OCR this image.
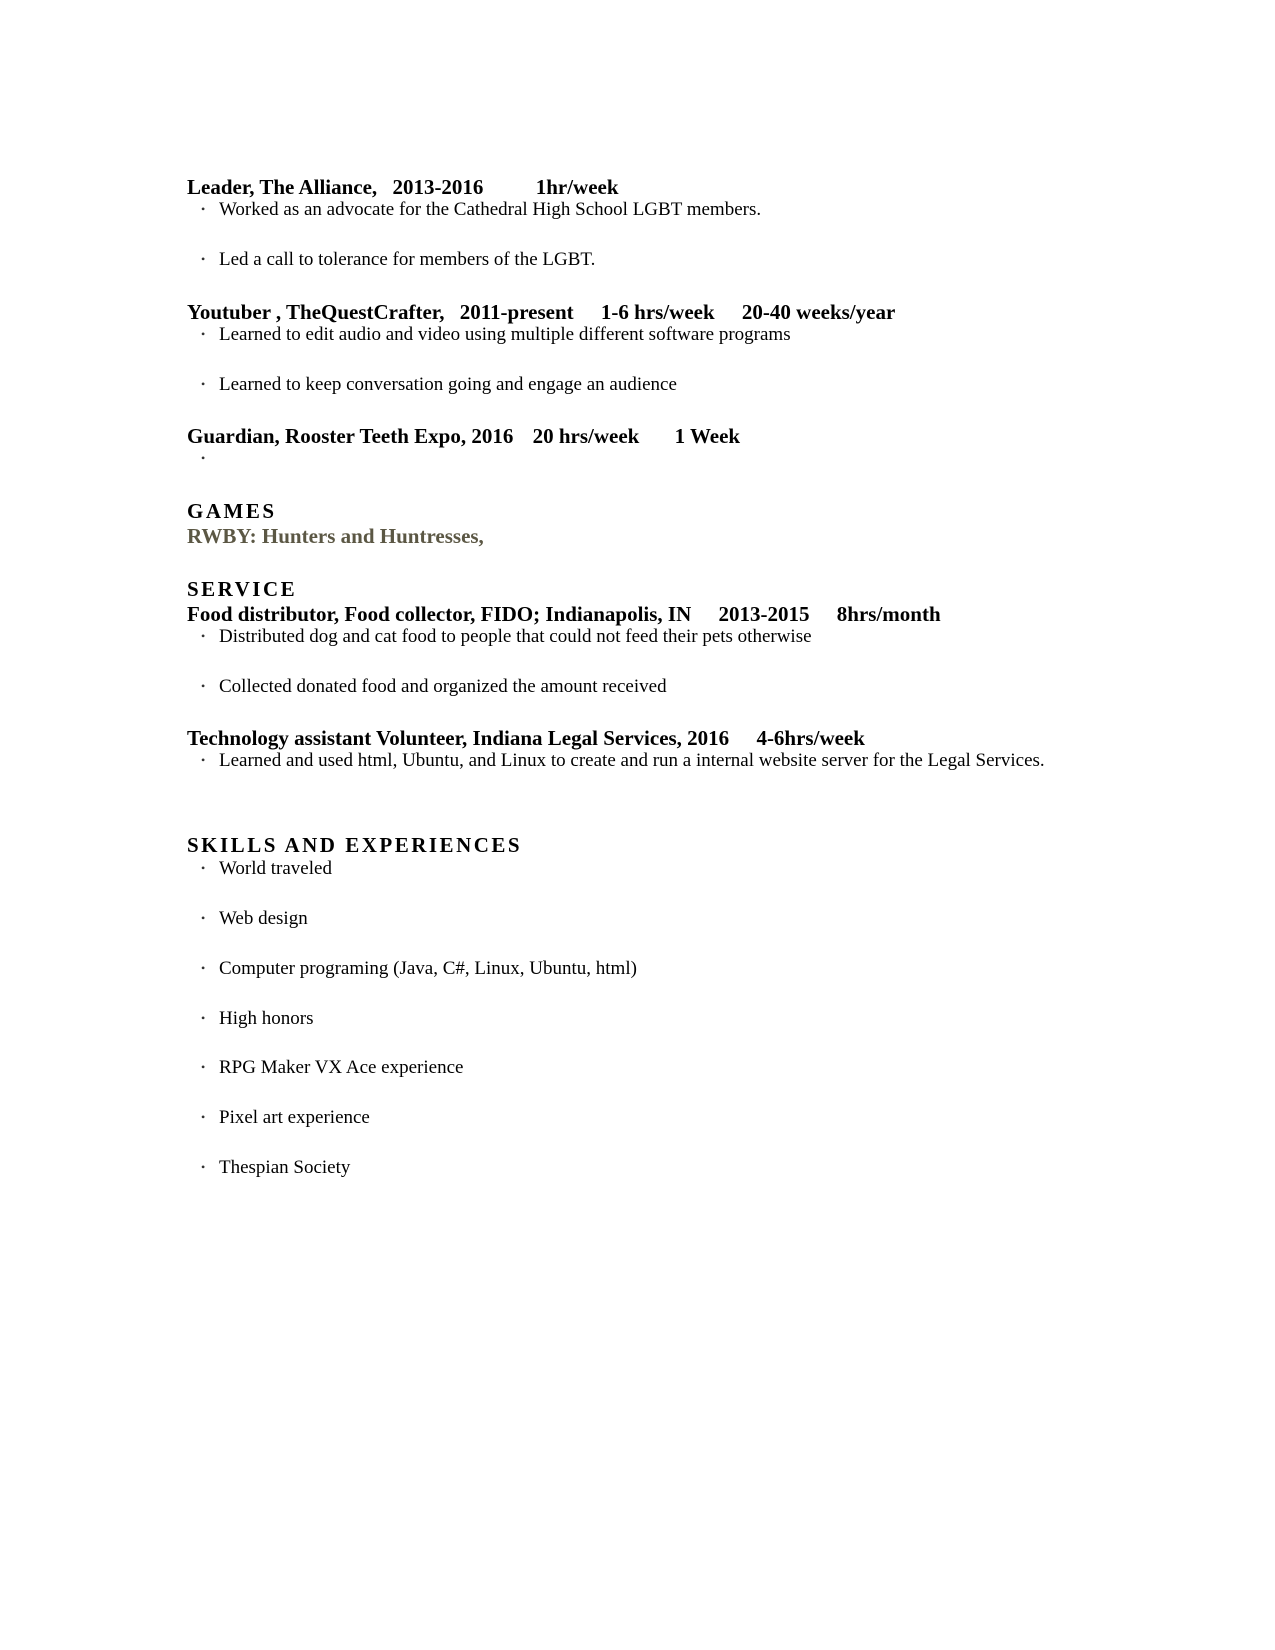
Leader, The Alliance, 2013-2016 1hr/week
• Worked as an advocate for the Cathedral High School LGBT members.
• Led a call to tolerance for members of the LGBT.
Youtuber , TheQuestCrafter, 2011-present 1-6 hrs/week 20-40 weeks/year
• Learned to edit audio and video using multiple different software programs
• Learned to keep conversation going and engage an audience
Guardian, Rooster Teeth Expo, 2016 20 hrs/week 1 Week
•
GAMES
RWBY: Hunters and Huntresses,
SERVICE
Food distributor, Food collector, FIDO; Indianapolis, IN 2013-2015 8hrs/month
• Distributed dog and cat food to people that could not feed their pets otherwise
• Collected donated food and organized the amount received
Technology assistant Volunteer, Indiana Legal Services, 2016 4-6hrs/week
• Learned and used html, Ubuntu, and Linux to create and run a internal website server for the Legal Services.
SKILLS AND EXPERIENCES
• World traveled
• Web design
• Computer programing (Java, C#, Linux, Ubuntu, html)
• High honors
• RPG Maker VX Ace experience
• Pixel art experience
• Thespian Society
